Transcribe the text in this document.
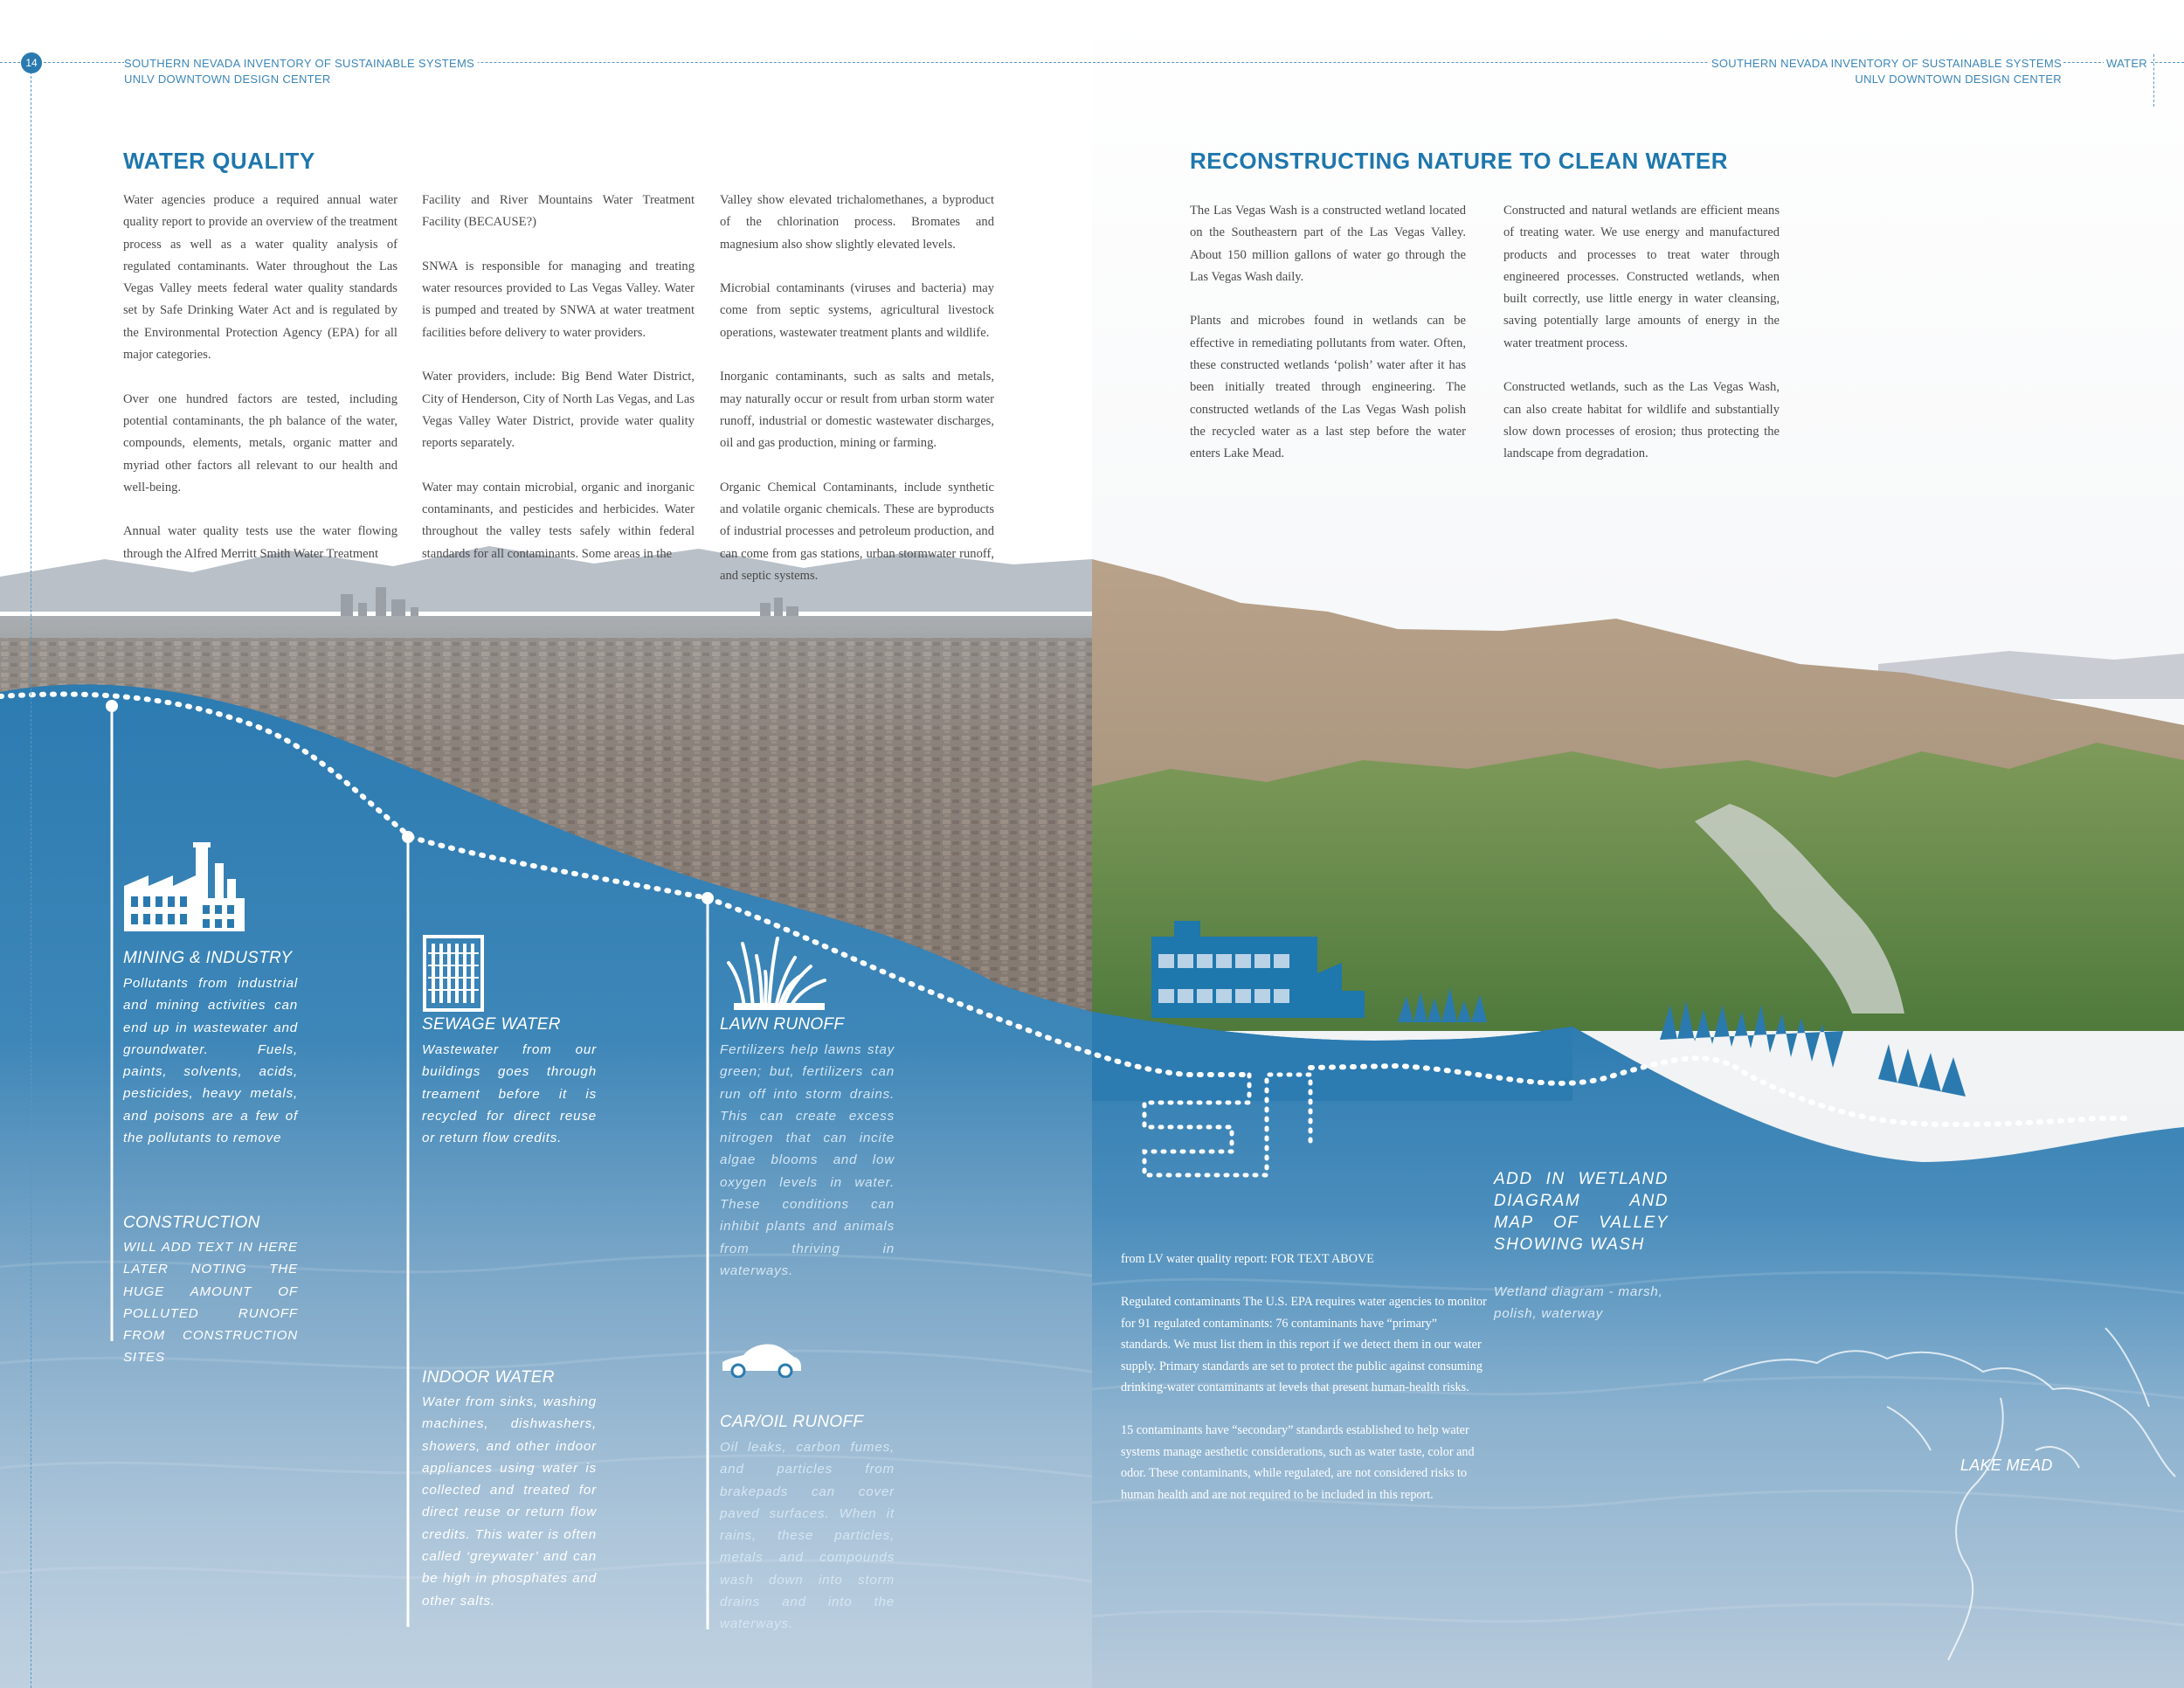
14	SOUTHERN NEVADA INVENTORY OF SUSTAINABLE SYSTEMS
UNLV DOWNTOWN DESIGN CENTER
SOUTHERN NEVADA INVENTORY OF SUSTAINABLE SYSTEMS	WATER
UNLV DOWNTOWN DESIGN CENTER
WATER QUALITY

Water agencies produce a required annual water quality report to provide an overview of the treatment process as well as a water quality analysis of regulated contaminants. Water throughout the Las Vegas Valley meets federal water quality standards set by Safe Drinking Water Act and is regulated by the Environmental Protection Agency (EPA) for all major categories.

Over one hundred factors are tested, including potential contaminants, the ph balance of the water, compounds, elements, metals, organic matter and myriad other factors all relevant to our health and well-being.

Annual water quality tests use the water flowing through the Alfred Merritt Smith Water Treatment

Facility and River Mountains Water Treatment Facility (BECAUSE?)

SNWA is responsible for managing and treating water resources provided to Las Vegas Valley. Water is pumped and treated by SNWA at water treatment facilities before delivery to water providers.

Water providers, include: Big Bend Water District, City of Henderson, City of North Las Vegas, and Las Vegas Valley Water District, provide water quality reports separately.

Water may contain microbial, organic and inorganic contaminants, and pesticides and herbicides. Water throughout the valley tests safely within federal standards for all contaminants. Some areas in the

Valley show elevated trichalomethanes, a byproduct of the chlorination process. Bromates and magnesium also show slightly elevated levels.

Microbial contaminants (viruses and bacteria) may come from septic systems, agricultural livestock operations, wastewater treatment plants and wildlife.

Inorganic contaminants, such as salts and metals, may naturally occur or result from urban storm water runoff, industrial or domestic wastewater discharges, oil and gas production, mining or farming.

Organic Chemical Contaminants, include synthetic and volatile organic chemicals. These are byproducts of industrial processes and petroleum production, and can come from gas stations, urban stormwater runoff, and septic systems.

RECONSTRUCTING NATURE TO CLEAN WATER

The Las Vegas Wash is a constructed wetland located on the Southeastern part of the Las Vegas Valley. About 150 million gallons of water go through the Las Vegas Wash daily.

Plants and microbes found in wetlands can be effective in remediating pollutants from water. Often, these constructed wetlands ‘polish’ water after it has been initially treated through engineering. The constructed wetlands of the Las Vegas Wash polish the recycled water as a last step before the water enters Lake Mead.

Constructed and natural wetlands are efficient means of treating water. We use energy and manufactured products and processes to treat water through engineered processes. Constructed wetlands, when built correctly, use little energy in water cleansing, saving potentially large amounts of energy in the water treatment process.

Constructed wetlands, such as the Las Vegas Wash, can also create habitat for wildlife and substantially slow down processes of erosion; thus protecting the landscape from degradation.

MINING & INDUSTRY
Pollutants from industrial and mining activities can end up in wastewater and groundwater. Fuels, paints, solvents, acids, pesticides, heavy metals, and poisons are a few of the pollutants to remove
CONSTRUCTION
WILL ADD TEXT IN HERE LATER NOTING THE HUGE AMOUNT OF POLLUTED RUNOFF FROM CONSTRUCTION SITES
SEWAGE WATER
Wastewater from our buildings goes through treament before it is recycled for direct reuse or return flow credits.
INDOOR WATER
Water from sinks, washing machines, dishwashers, showers, and other indoor appliances using water is collected and treated for direct reuse or return flow credits. This water is often called ‘greywater’ and can be high in phosphates and other salts.
LAWN RUNOFF
Fertilizers help lawns stay green; but, fertilizers can run off into storm drains. This can create excess nitrogen that can incite algae blooms and low oxygen levels in water. These conditions can inhibit plants and animals from thriving in waterways.
CAR/OIL RUNOFF
Oil leaks, carbon fumes, and particles from brakepads can cover paved surfaces. When it rains, these particles, metals and compounds wash down into storm drains and into the waterways.

from LV water quality report: FOR TEXT ABOVE

Regulated contaminants The U.S. EPA requires water agencies to monitor for 91 regulated contaminants: 76 contaminants have “primary” standards. We must list them in this report if we detect them in our water supply. Primary standards are set to protect the public against consuming drinking-water contaminants at levels that present human-health risks.

15 contaminants have “secondary” standards established to help water systems manage aesthetic considerations, such as water taste, color and odor. These contaminants, while regulated, are not considered risks to human health and are not required to be included in this report.

ADD IN WETLAND DIAGRAM AND MAP OF VALLEY SHOWING WASH
Wetland diagram - marsh, polish, waterway
LAKE MEAD
